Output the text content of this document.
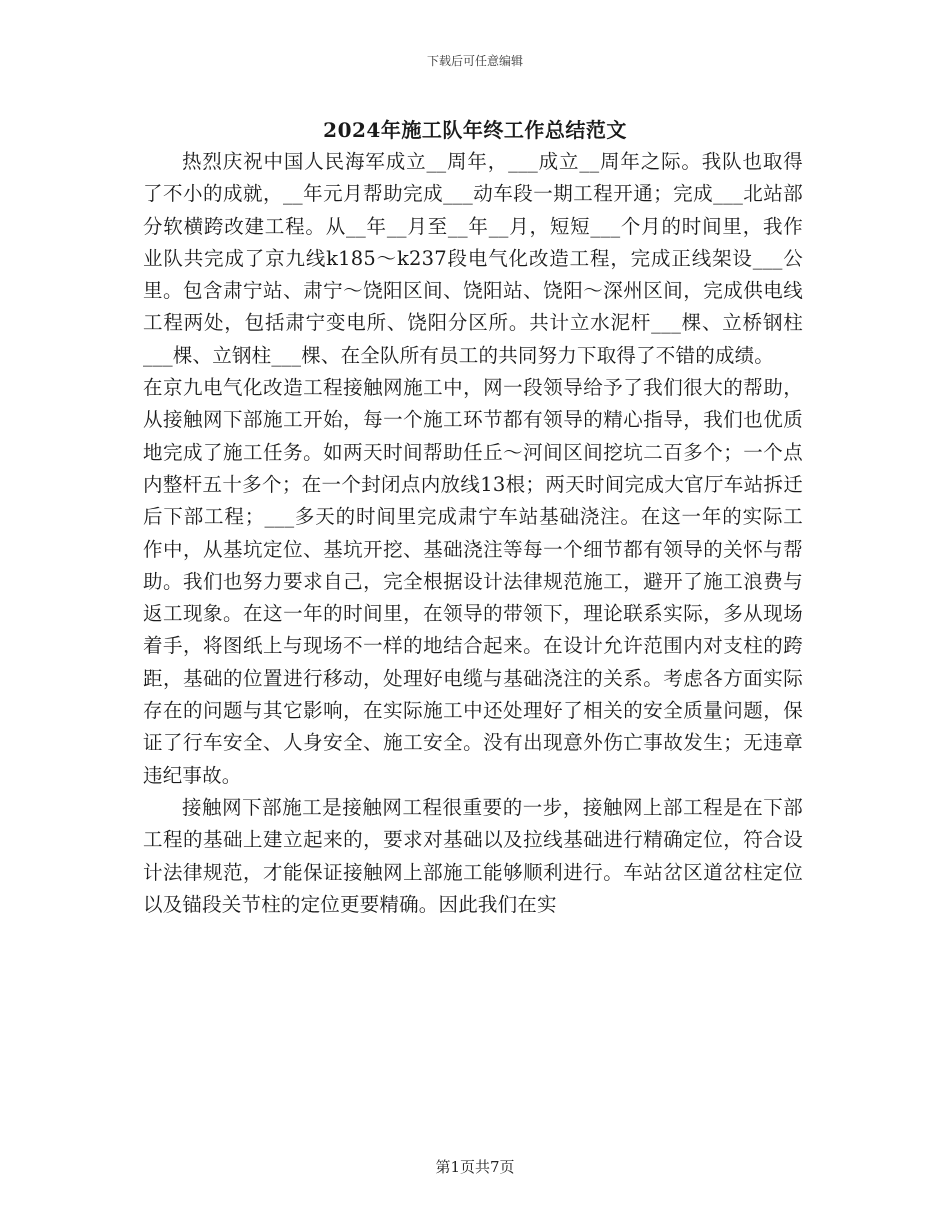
下载后可任意编辑
2024年施工队年终工作总结范文

热烈庆祝中国人民海军成立__周年，___成立__周年之际。我队也取得了不小的成就，__年元月帮助完成___动车段一期工程开通；完成___北站部分软横跨改建工程。从__年__月至__年__月，短短___个月的时间里，我作业队共完成了京九线k185～k237段电气化改造工程，完成正线架设___公里。包含肃宁站、肃宁～饶阳区间、饶阳站、饶阳～深州区间，完成供电线工程两处，包括肃宁变电所、饶阳分区所。共计立水泥杆___棵、立桥钢柱___棵、立钢柱___棵、在全队所有员工的共同努力下取得了不错的成绩。

在京九电气化改造工程接触网施工中，网一段领导给予了我们很大的帮助，从接触网下部施工开始，每一个施工环节都有领导的精心指导，我们也优质地完成了施工任务。如两天时间帮助任丘～河间区间挖坑二百多个；一个点内整杆五十多个；在一个封闭点内放线13根；两天时间完成大官厅车站拆迁后下部工程；___多天的时间里完成肃宁车站基础浇注。在这一年的实际工作中，从基坑定位、基坑开挖、基础浇注等每一个细节都有领导的关怀与帮助。我们也努力要求自己，完全根据设计法律规范施工，避开了施工浪费与返工现象。在这一年的时间里，在领导的带领下，理论联系实际，多从现场着手，将图纸上与现场不一样的地结合起来。在设计允许范围内对支柱的跨距，基础的位置进行移动，处理好电缆与基础浇注的关系。考虑各方面实际存在的问题与其它影响，在实际施工中还处理好了相关的安全质量问题，保证了行车安全、人身安全、施工安全。没有出现意外伤亡事故发生；无违章违纪事故。

接触网下部施工是接触网工程很重要的一步，接触网上部工程是在下部工程的基础上建立起来的，要求对基础以及拉线基础进行精确定位，符合设计法律规范，才能保证接触网上部施工能够顺利进行。车站岔区道岔柱定位以及锚段关节柱的定位更要精确。因此我们在实

第1页共7页
